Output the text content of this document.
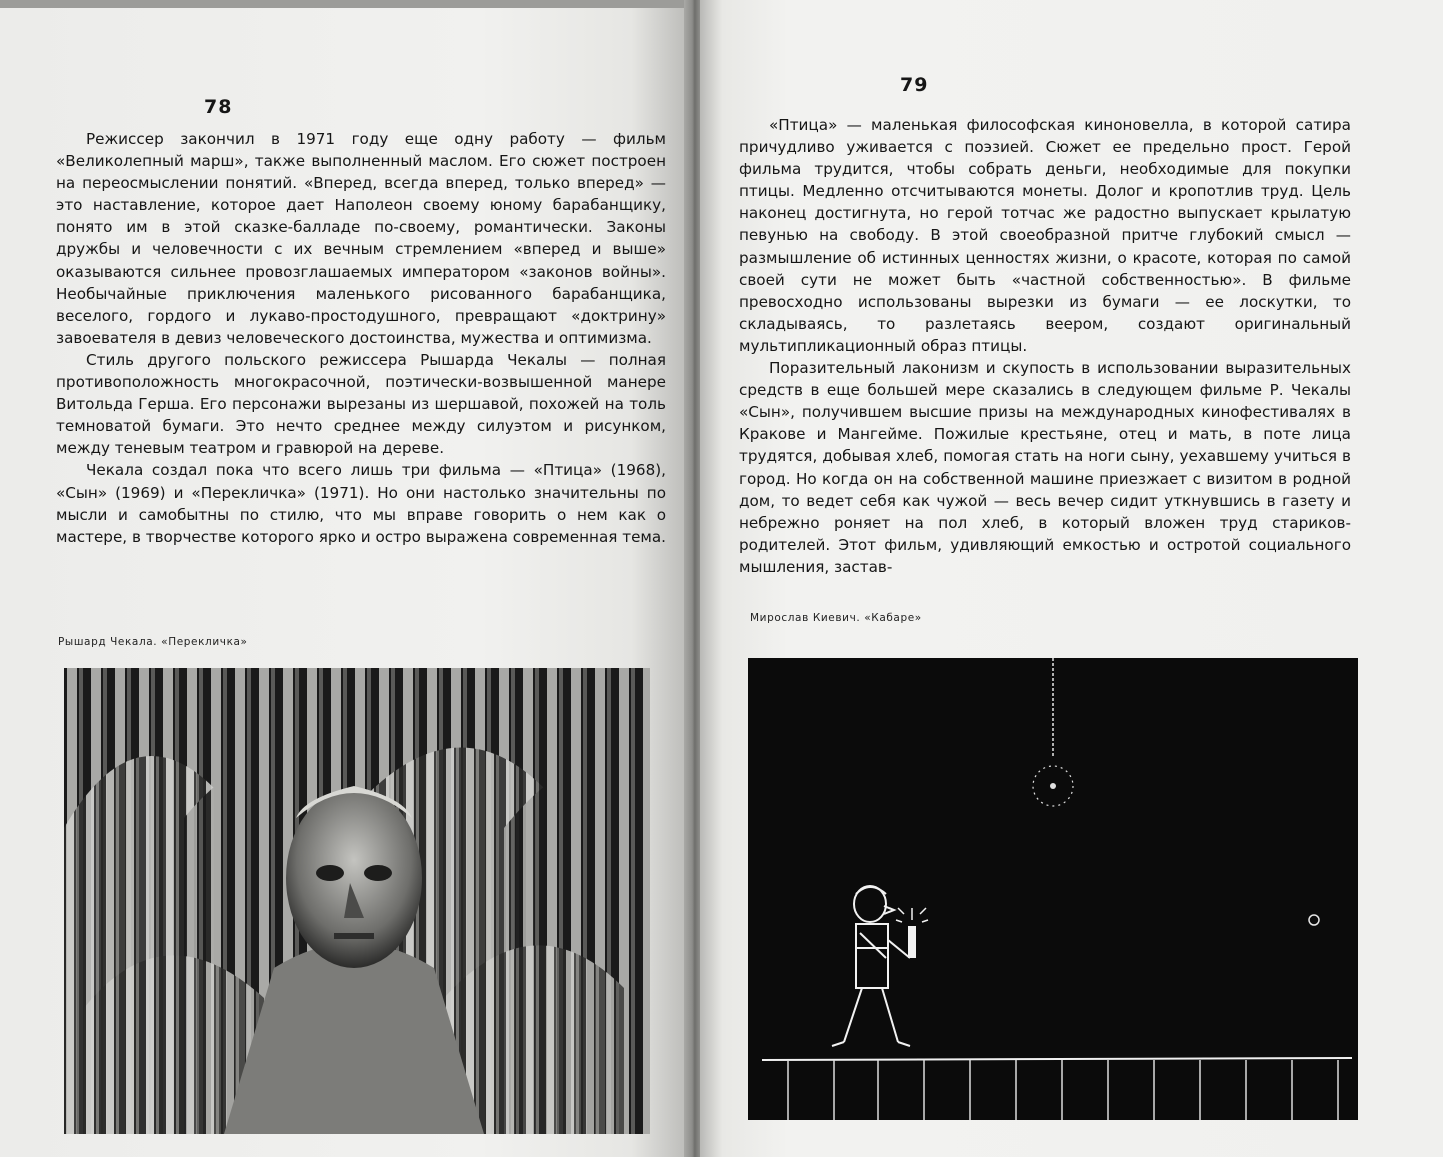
78

Режиссер закончил в 1971 году еще одну работу — фильм «Великолепный марш», также выполненный маслом. Его сюжет построен на переосмыслении понятий. «Вперед, всегда вперед, только вперед» — это наставление, которое дает Наполеон своему юному барабанщику, понято им в этой сказке-балладе по-своему, романтически. Законы дружбы и человечности с их вечным стремлением «вперед и выше» оказываются сильнее провозглашаемых императором «законов войны». Необычайные приключения маленького рисованного барабанщика, веселого, гордого и лукаво-простодушного, превращают «доктрину» завоевателя в девиз человеческого достоинства, мужества и оптимизма.

Стиль другого польского режиссера Рышарда Чекалы — полная противоположность многокрасочной, поэтически-возвышенной манере Витольда Герша. Его персонажи вырезаны из шершавой, похожей на толь темноватой бумаги. Это нечто среднее между силуэтом и рисунком, между теневым театром и гравюрой на дереве.

Чекала создал пока что всего лишь три фильма — «Птица» (1968), «Сын» (1969) и «Перекличка» (1971). Но они настолько значительны по мысли и самобытны по стилю, что мы вправе говорить о нем как о мастере, в творчестве которого ярко и остро выражена современная тема.

Рышард Чекала. «Перекличка»

79

«Птица» — маленькая философская киноновелла, в которой сатира причудливо уживается с поэзией. Сюжет ее предельно прост. Герой фильма трудится, чтобы собрать деньги, необходимые для покупки птицы. Медленно отсчитываются монеты. Долог и кропотлив труд. Цель наконец достигнута, но герой тотчас же радостно выпускает крылатую певунью на свободу. В этой своеобразной притче глубокий смысл — размышление об истинных ценностях жизни, о красоте, которая по самой своей сути не может быть «частной собственностью». В фильме превосходно использованы вырезки из бумаги — ее лоскутки, то складываясь, то разлетаясь веером, создают оригинальный мультипликационный образ птицы.

Поразительный лаконизм и скупость в использовании выразительных средств в еще большей мере сказались в следующем фильме Р. Чекалы «Сын», получившем высшие призы на международных кинофестивалях в Кракове и Мангейме. Пожилые крестьяне, отец и мать, в поте лица трудятся, добывая хлеб, помогая стать на ноги сыну, уехавшему учиться в город. Но когда он на собственной машине приезжает с визитом в родной дом, то ведет себя как чужой — весь вечер сидит уткнувшись в газету и небрежно роняет на пол хлеб, в который вложен труд стариков-родителей. Этот фильм, удивляющий емкостью и остротой социального мышления, застав-

Мирослав Киевич. «Кабаре»
